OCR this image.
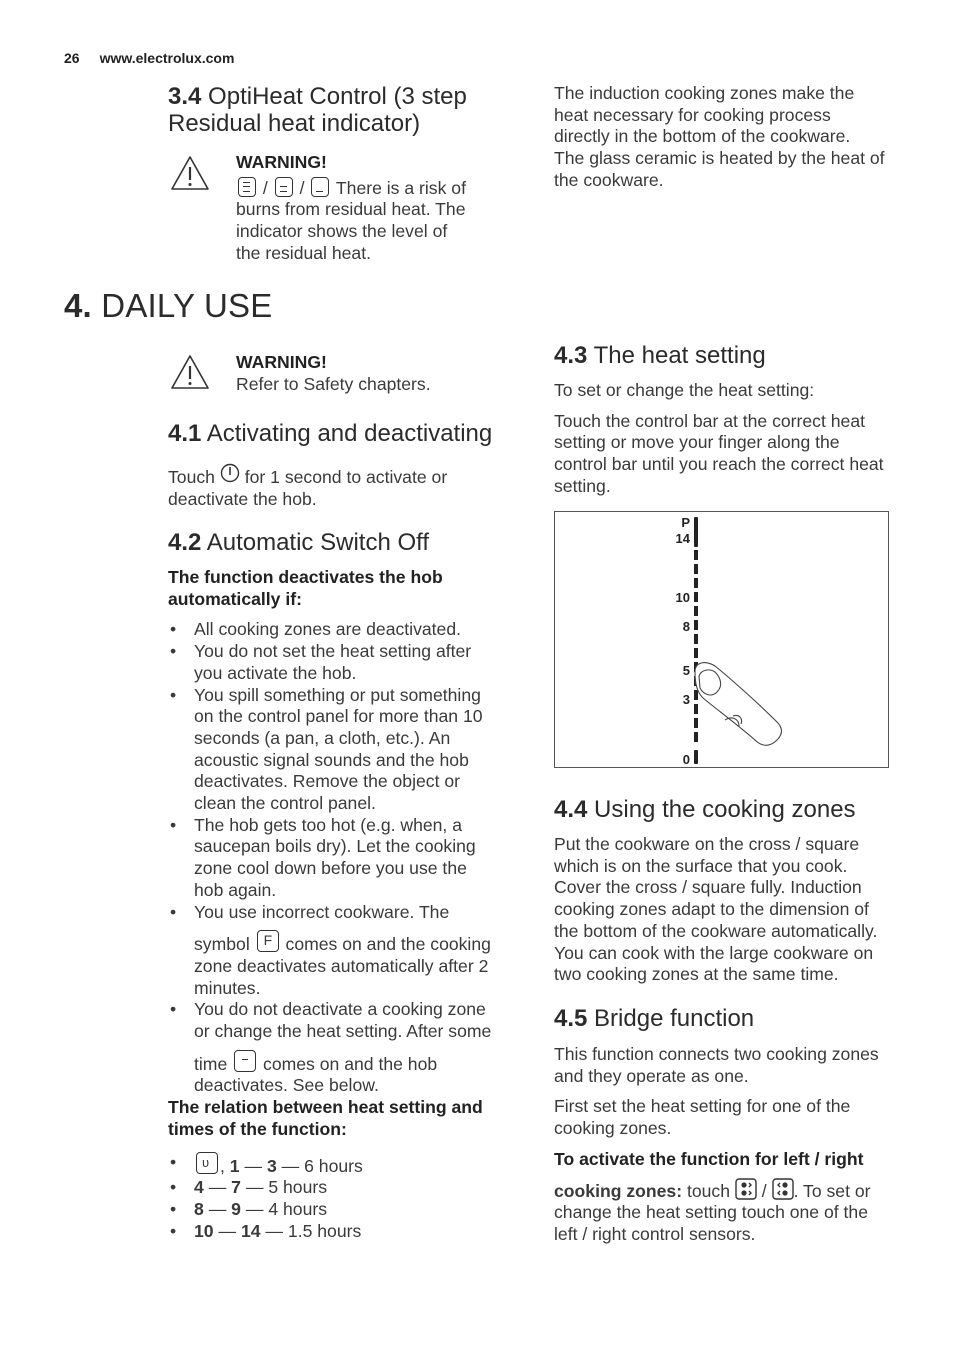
26 www.electrolux.com
3.4 OptiHeat Control (3 step
Residual heat indicator)
WARNING!
/ / There is a risk of
burns from residual heat. The
indicator shows the level of
the residual heat.
The induction cooking zones make the
heat necessary for cooking process
directly in the bottom of the cookware.
The glass ceramic is heated by the heat of
the cookware.
4. DAILY USE
WARNING!
Refer to Safety chapters.
4.1 Activating and deactivating
Touch for 1 second to activate or
deactivate the hob.
4.2 Automatic Switch Off
The function deactivates the hob
automatically if:
• All cooking zones are deactivated.
• You do not set the heat setting after
you activate the hob.
• You spill something or put something
on the control panel for more than 10
seconds (a pan, a cloth, etc.). An
acoustic signal sounds and the hob
deactivates. Remove the object or
clean the control panel.
• The hob gets too hot (e.g. when, a
saucepan boils dry). Let the cooking
zone cool down before you use the
hob again.
• You use incorrect cookware. The
symbol F comes on and the cooking
zone deactivates automatically after 2
minutes.
• You do not deactivate a cooking zone
or change the heat setting. After some
time comes on and the hob
deactivates. See below.
The relation between heat setting and
times of the function:
• ᴜ , 1 — 3 — 6 hours
• 4 — 7 — 5 hours
• 8 — 9 — 4 hours
• 10 — 14 — 1.5 hours
4.3 The heat setting
To set or change the heat setting:
Touch the control bar at the correct heat
setting or move your finger along the
control bar until you reach the correct heat
setting.
P
14
10
8
5
3
0
4.4 Using the cooking zones
Put the cookware on the cross / square
which is on the surface that you cook.
Cover the cross / square fully. Induction
cooking zones adapt to the dimension of
the bottom of the cookware automatically.
You can cook with the large cookware on
two cooking zones at the same time.
4.5 Bridge function
This function connects two cooking zones
and they operate as one.
First set the heat setting for one of the
cooking zones.
To activate the function for left / right
cooking zones: touch / . To set or
change the heat setting touch one of the
left / right control sensors.
